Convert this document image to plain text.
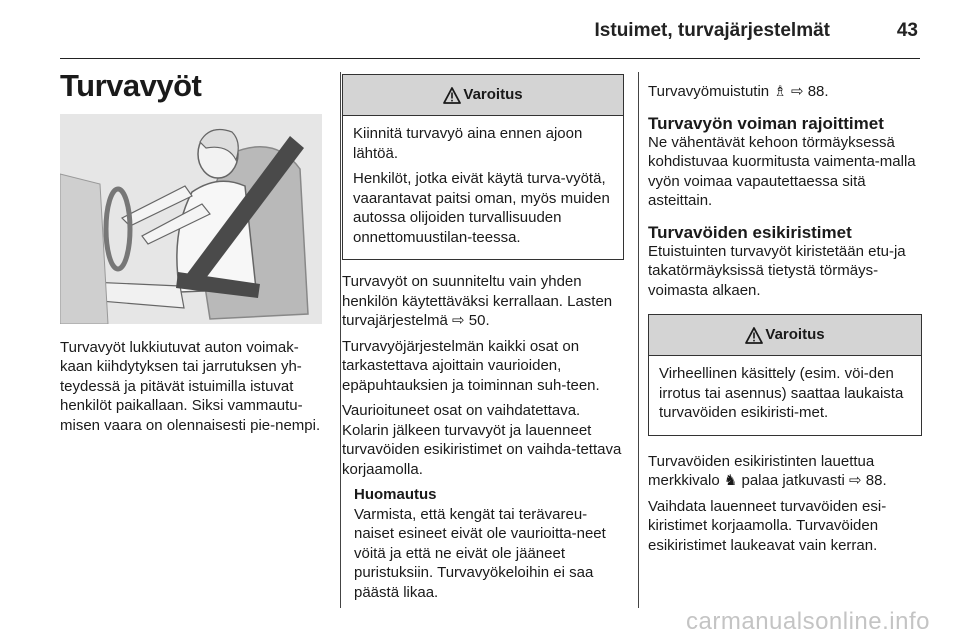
Istuimet, turvajärjestelmät	43
Turvavyöt

Turvavyöt lukkiutuvat auton voimak-kaan kiihdytyksen tai jarrutuksen yh-teydessä ja pitävät istuimilla istuvat henkilöt paikallaan. Siksi vammautu-misen vaara on olennaisesti pie-nempi.

Varoitus

Kiinnitä turvavyö aina ennen ajoon lähtöä.

Henkilöt, jotka eivät käytä turva-vyötä, vaarantavat paitsi oman, myös muiden autossa olijoiden turvallisuuden onnettomuustilan-teessa.

Turvavyöt on suunniteltu vain yhden henkilön käytettäväksi kerrallaan. Lasten turvajärjestelmä ⇨ 50.

Turvavyöjärjestelmän kaikki osat on tarkastettava ajoittain vaurioiden, epäpuhtauksien ja toiminnan suh-teen.

Vaurioituneet osat on vaihdatettava. Kolarin jälkeen turvavyöt ja lauenneet turvavöiden esikiristimet on vaihda-tettava korjaamolla.

Huomautus
Varmista, että kengät tai terävareu-naiset esineet eivät ole vaurioitta-neet vöitä ja että ne eivät ole jääneet puristuksiin. Turvavyökeloihin ei saa päästä likaa.

Turvavyömuistutin ♗ ⇨ 88.

Turvavyön voiman rajoittimet

Ne vähentävät kehoon törmäyksessä kohdistuvaa kuormitusta vaimenta-malla vyön voimaa vapautettaessa sitä asteittain.

Turvavöiden esikiristimet

Etuistuinten turvavyöt kiristetään etu-ja takatörmäyksissä tietystä törmäys-voimasta alkaen.

Varoitus

Virheellinen käsittely (esim. vöi-den irrotus tai asennus) saattaa laukaista turvavöiden esikiristi-met.

Turvavöiden esikiristinten lauettua merkkivalo ♞ palaa jatkuvasti ⇨ 88.

Vaihdata lauenneet turvavöiden esi-kiristimet korjaamolla. Turvavöiden esikiristimet laukeavat vain kerran.

carmanualsonline.info
